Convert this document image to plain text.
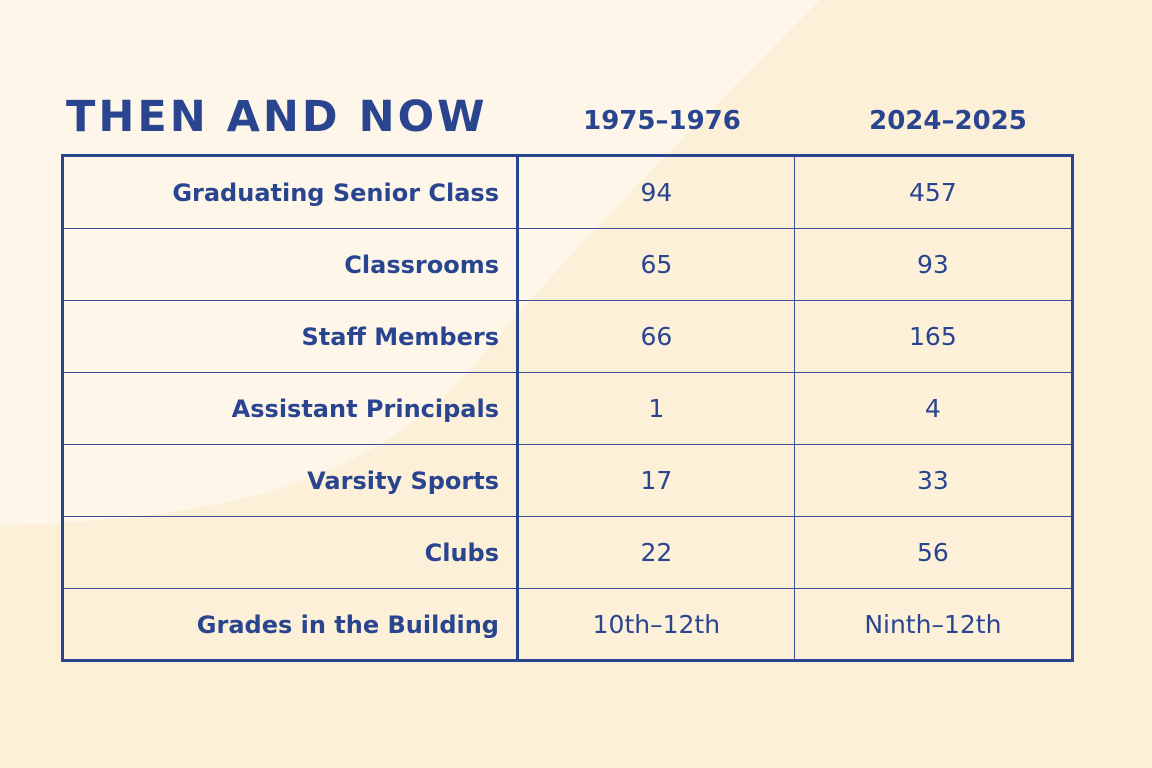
THEN AND NOW	1975–1976	2024–2025
Graduating Senior Class	94	457
Classrooms	65	93
Staff Members	66	165
Assistant Principals	1	4
Varsity Sports	17	33
Clubs	22	56
Grades in the Building	10th–12th	Ninth–12th
